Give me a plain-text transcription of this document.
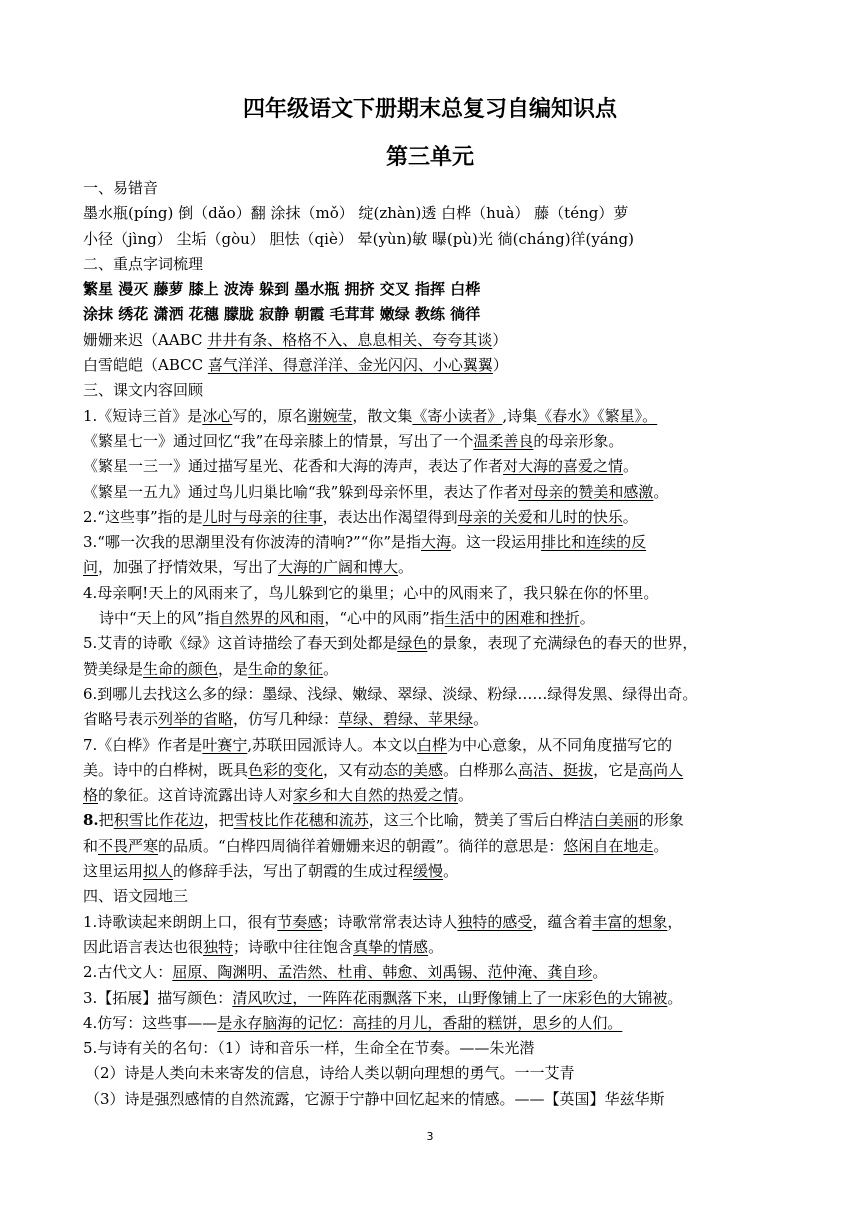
四年级语文下册期末总复习自编知识点
第三单元
一、易错音
墨水瓶(píng) 倒（dǎo）翻 涂抹（mǒ） 绽(zhàn)透 白桦（huà） 藤（téng）萝
小径（jìng） 尘垢（gòu） 胆怯（qiè） 晕(yùn)敏 曝(pù)光 徜(cháng)徉(yáng)
二、重点字词梳理
繁星 漫灭 藤萝 膝上 波涛 躲到 墨水瓶 拥挤 交叉 指挥 白桦
涂抹 绣花 潇洒 花穗 朦胧 寂静 朝霞 毛茸茸 嫩绿 教练 徜徉
姗姗来迟（AABC 井井有条、格格不入、息息相关、夸夸其谈）
白雪皑皑（ABCC 喜气洋洋、得意洋洋、金光闪闪、小心翼翼）
三、课文内容回顾
1.《短诗三首》是冰心写的，原名谢婉莹，散文集《寄小读者》,诗集《春水》《繁星》。
《繁星七一》通过回忆“我”在母亲膝上的情景，写出了一个温柔善良的母亲形象。
《繁星一三一》通过描写星光、花香和大海的涛声，表达了作者对大海的喜爱之情。
《繁星一五九》通过鸟儿归巢比喻“我”躲到母亲怀里，表达了作者对母亲的赞美和感激。
2.“这些事”指的是儿时与母亲的往事，表达出作渴望得到母亲的关爱和儿时的快乐。
3.“哪一次我的思潮里没有你波涛的清响?”“你”是指大海。这一段运用排比和连续的反
问，加强了抒情效果，写出了大海的广阔和博大。
4.母亲啊!天上的风雨来了，鸟儿躲到它的巢里；心中的风雨来了，我只躲在你的怀里。
诗中“天上的风”指自然界的风和雨，“心中的风雨”指生活中的困难和挫折。
5.艾青的诗歌《绿》这首诗描绘了春天到处都是绿色的景象，表现了充满绿色的春天的世界，
赞美绿是生命的颜色，是生命的象征。
6.到哪儿去找这么多的绿：墨绿、浅绿、嫩绿、翠绿、淡绿、粉绿……绿得发黑、绿得出奇。
省略号表示列举的省略，仿写几种绿：草绿、碧绿、苹果绿。
7.《白桦》作者是叶赛宁,苏联田园派诗人。本文以白桦为中心意象，从不同角度描写它的
美。诗中的白桦树，既具色彩的变化，又有动态的美感。白桦那么高洁、挺拔，它是高尚人
格的象征。这首诗流露出诗人对家乡和大自然的热爱之情。
8.把积雪比作花边，把雪枝比作花穗和流苏，这三个比喻，赞美了雪后白桦洁白美丽的形象
和不畏严寒的品质。“白桦四周徜徉着姗姗来迟的朝霞”。徜徉的意思是：悠闲自在地走。
这里运用拟人的修辞手法，写出了朝霞的生成过程缓慢。
四、语文园地三
1.诗歌读起来朗朗上口，很有节奏感；诗歌常常表达诗人独特的感受，蕴含着丰富的想象，
因此语言表达也很独特；诗歌中往往饱含真挚的情感。
2.古代文人：屈原、陶渊明、孟浩然、杜甫、韩愈、刘禹锡、范仲淹、龚自珍。
3.【拓展】描写颜色：清风吹过，一阵阵花雨飘落下来，山野像铺上了一床彩色的大锦被。
4.仿写：这些事——是永存脑海的记忆：高挂的月儿，香甜的糕饼，思乡的人们。
5.与诗有关的名句：（1）诗和音乐一样，生命全在节奏。——朱光潜
（2）诗是人类向未来寄发的信息，诗给人类以朝向理想的勇气。一一艾青
（3）诗是强烈感情的自然流露，它源于宁静中回忆起来的情感。——【英国】华兹华斯
3
